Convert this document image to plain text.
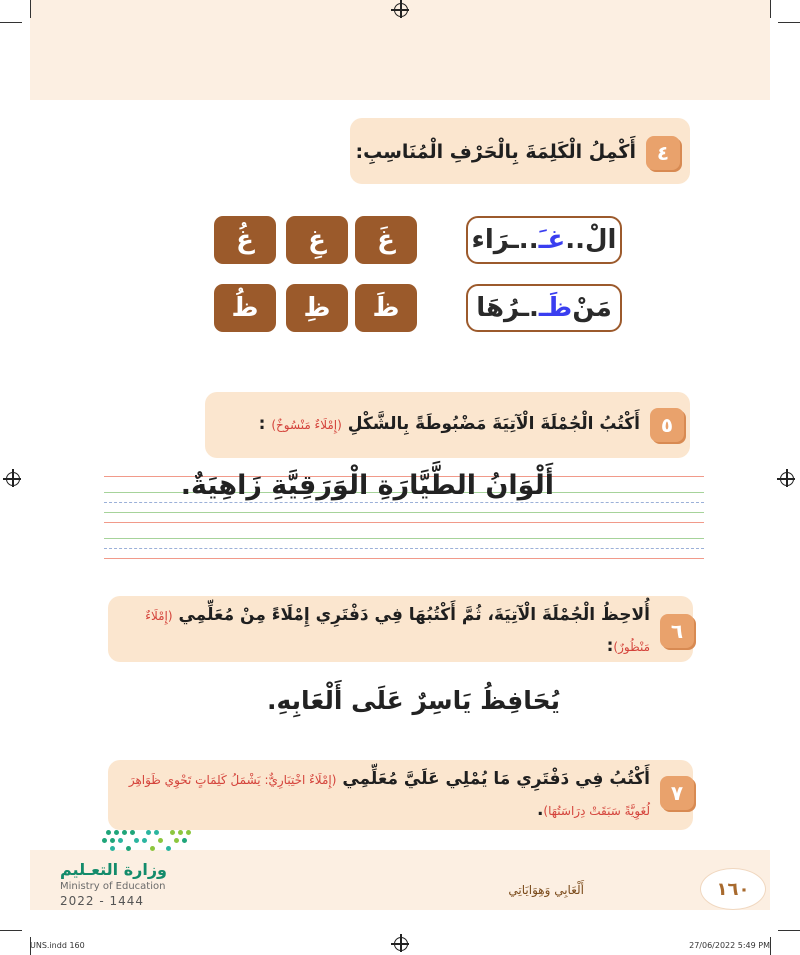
٤
أَكْمِلُ الْكَلِمَةَ بِالْحَرْفِ الْمُنَاسِبِ:
الْ..
غـَ
..ـرَاء
غَ
غِ
غُ
مَنْ
ظَـ
.ـرُهَا
ظَ
ظِ
ظُ
٥
أَكْتُبُ الْجُمْلَةَ الْآتِيَةَ مَضْبُوطَةً بِالشَّكْلِ (إِمْلَاءٌ مَنْسُوخٌ) :
أَلْوَانُ الطَّيَّارَةِ الْوَرَقِيَّةِ زَاهِيَةٌ.
٦
أُلاحِظُ الْجُمْلَةَ الْآتِيَةَ، ثُمَّ أَكْتُبُهَا فِي دَفْتَرِي إِمْلَاءً مِنْ مُعَلِّمِي (إِمْلَاءٌ مَنْظُورٌ):
يُحَافِظُ يَاسِرٌ عَلَى أَلْعَابِهِ.
٧
أَكْتُبُ فِي دَفْتَرِي مَا يُمْلِي عَلَيَّ مُعَلِّمِي (إِمْلَاءٌ اخْتِبَارِيٌّ: يَشْمَلُ كَلِمَاتٍ تَحْوِي ظَوَاهِرَ لُغَوِيَّةً سَبَقَتْ دِرَاسَتُهَا).
وزارة التعـليم
Ministry of Education
2022 - 1444
أَلْعَابِي وَهِوَايَاتِي	١٦٠
UNS.indd 160	27/06/2022 5:49 PM
